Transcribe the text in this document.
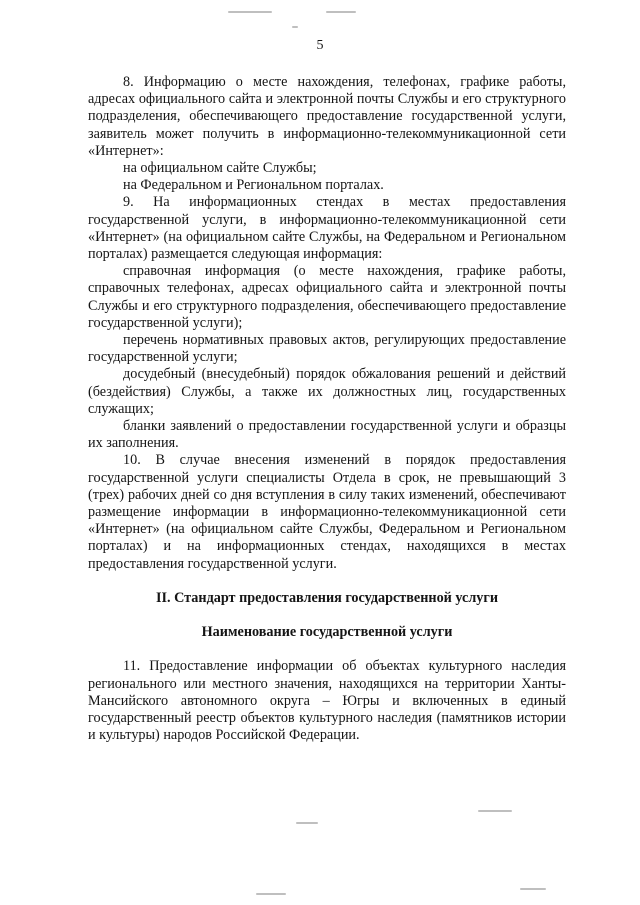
5

8. Информацию о месте нахождения, телефонах, графике работы, адресах официального сайта и электронной почты Службы и его структурного подразделения, обеспечивающего предоставление государственной услуги, заявитель может получить в информационно-телекоммуникационной сети «Интернет»:

на официальном сайте Службы;

на Федеральном и Региональном порталах.

9. На информационных стендах в местах предоставления государственной услуги, в информационно-телекоммуникационной сети «Интернет» (на официальном сайте Службы, на Федеральном и Региональном порталах) размещается следующая информация:

справочная информация (о месте нахождения, графике работы, справочных телефонах, адресах официального сайта и электронной почты Службы и его структурного подразделения, обеспечивающего предоставление государственной услуги);

перечень нормативных правовых актов, регулирующих предоставление государственной услуги;

досудебный (внесудебный) порядок обжалования решений и действий (бездействия) Службы, а также их должностных лиц, государственных служащих;

бланки заявлений о предоставлении государственной услуги и образцы их заполнения.

10. В случае внесения изменений в порядок предоставления государственной услуги специалисты Отдела в срок, не превышающий 3 (трех) рабочих дней со дня вступления в силу таких изменений, обеспечивают размещение информации в информационно-телекоммуникационной сети «Интернет» (на официальном сайте Службы, Федеральном и Региональном порталах) и на информационных стендах, находящихся в местах предоставления государственной услуги.

II. Стандарт предоставления государственной услуги

Наименование государственной услуги

11. Предоставление информации об объектах культурного наследия регионального или местного значения, находящихся на территории Ханты-Мансийского автономного округа – Югры и включенных в единый государственный реестр объектов культурного наследия (памятников истории и культуры) народов Российской Федерации.
